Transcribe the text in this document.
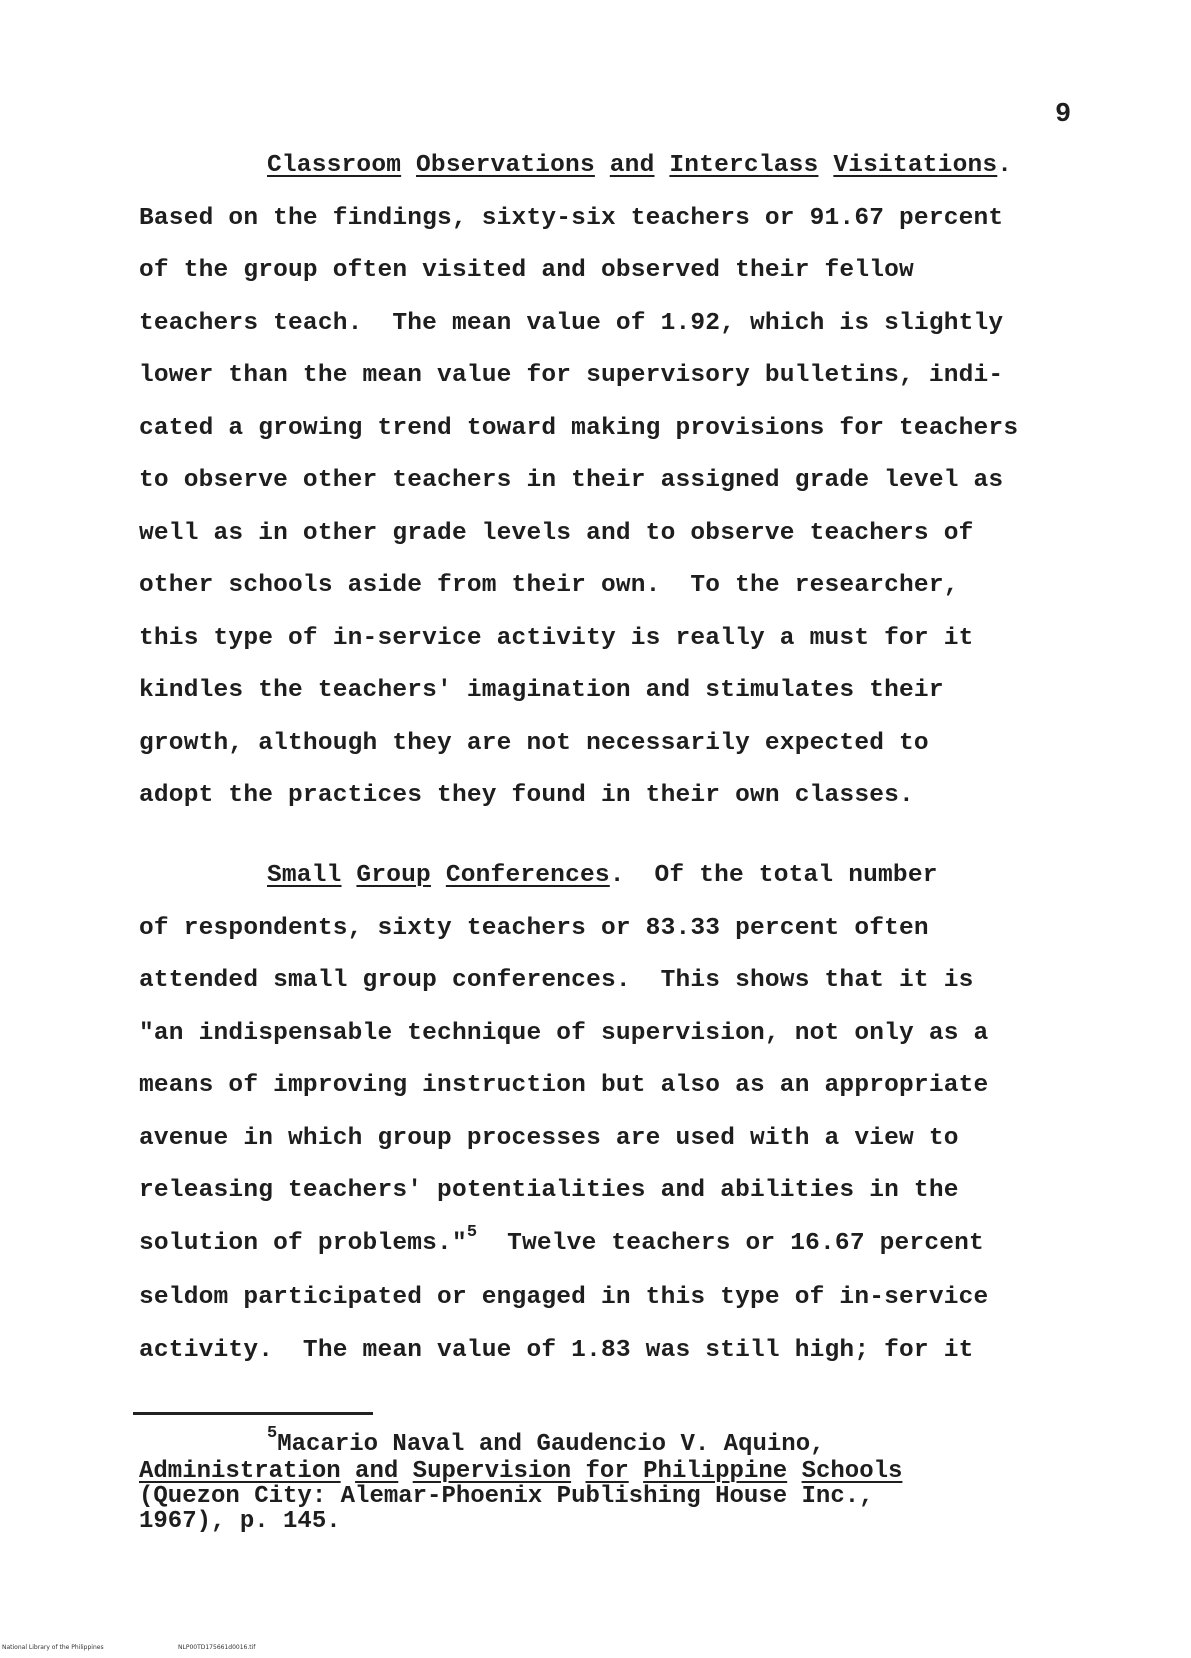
9
Classroom Observations and Interclass Visitations.
Based on the findings, sixty-six teachers or 91.67 percent
of the group often visited and observed their fellow
teachers teach.  The mean value of 1.92, which is slightly
lower than the mean value for supervisory bulletins, indi-
cated a growing trend toward making provisions for teachers
to observe other teachers in their assigned grade level as
well as in other grade levels and to observe teachers of
other schools aside from their own.  To the researcher,
this type of in-service activity is really a must for it
kindles the teachers' imagination and stimulates their
growth, although they are not necessarily expected to
adopt the practices they found in their own classes.
Small Group Conferences.  Of the total number
of respondents, sixty teachers or 83.33 percent often
attended small group conferences.  This shows that it is
"an indispensable technique of supervision, not only as a
means of improving instruction but also as an appropriate
avenue in which group processes are used with a view to
releasing teachers' potentialities and abilities in the
solution of problems."$^5$  Twelve teachers or 16.67 percent
seldom participated or engaged in this type of in-service
activity.  The mean value of 1.83 was still high; for it
$^5$Macario Naval and Gaudencio V. Aquino,
Administration and Supervision for Philippine Schools
(Quezon City: Alemar-Phoenix Publishing House Inc.,
1967), p. 145.
National Library of the Philippines	NLP00TD175661d0016.tif
